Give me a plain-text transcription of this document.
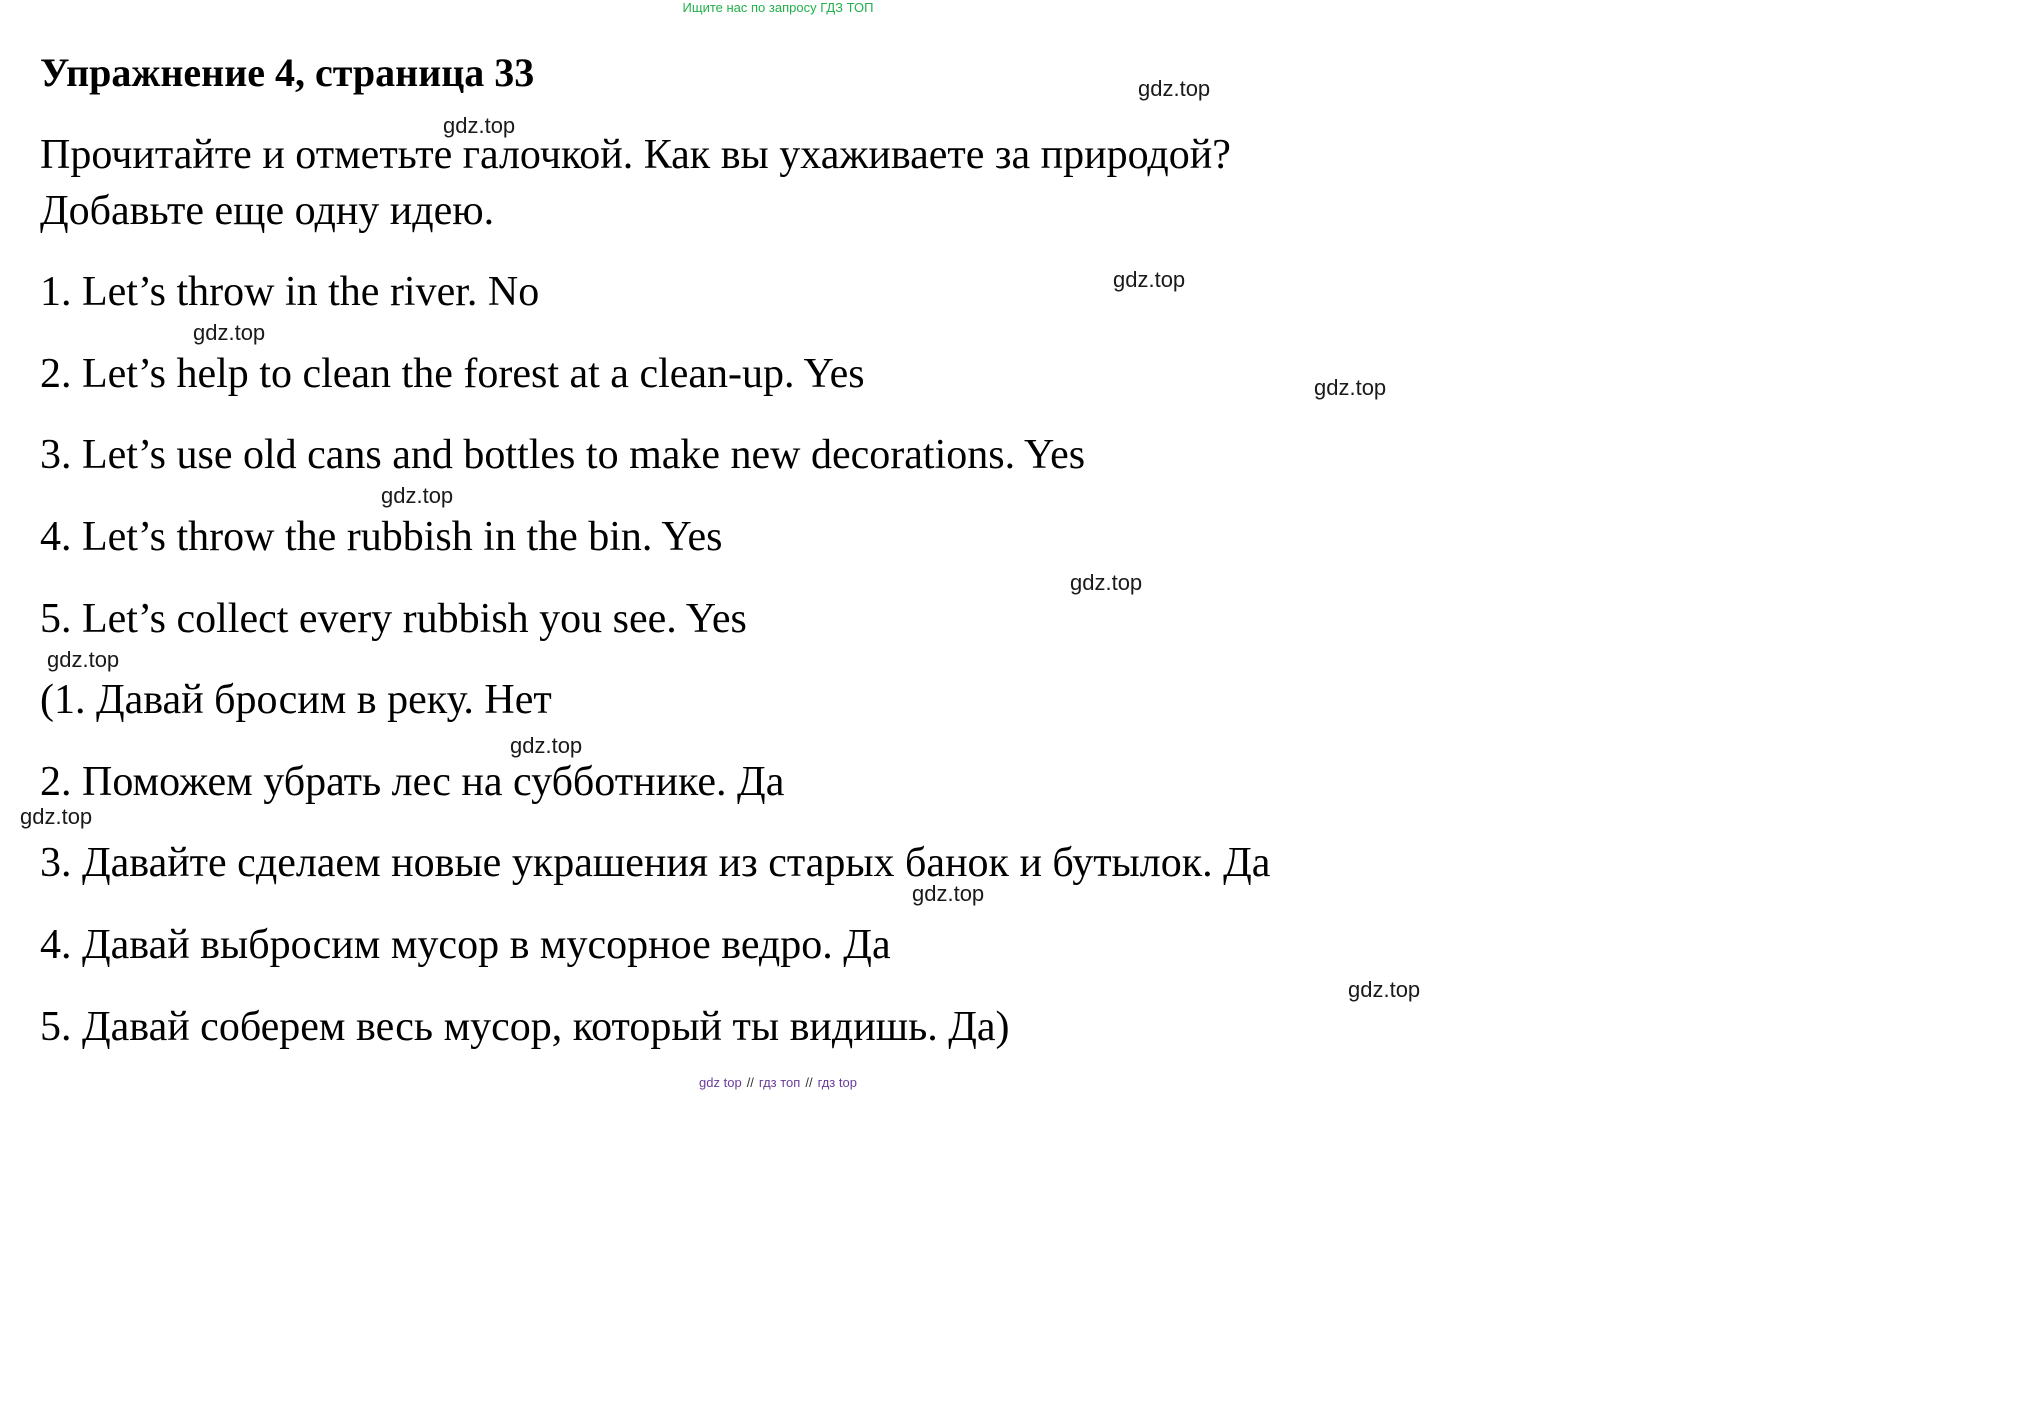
Ищите нас по запросу ГДЗ ТОП
Упражнение 4, страница 33
Прочитайте и отметьте галочкой. Как вы ухаживаете за природой?
Добавьте еще одну идею.
1. Let’s throw in the river. No
2. Let’s help to clean the forest at a clean-up. Yes
3. Let’s use old cans and bottles to make new decorations. Yes
4. Let’s throw the rubbish in the bin. Yes
5. Let’s collect every rubbish you see. Yes
(1. Давай бросим в реку. Нет
2. Поможем убрать лес на субботнике. Да
3. Давайте сделаем новые украшения из старых банок и бутылок. Да
4. Давай выбросим мусор в мусорное ведро. Да
5. Давай соберем весь мусор, который ты видишь. Да)
gdz.top
gdz.top
gdz.top
gdz.top
gdz.top
gdz.top
gdz.top
gdz.top
gdz.top
gdz.top
gdz.top
gdz.top
gdz top // гдз топ // гдз top
